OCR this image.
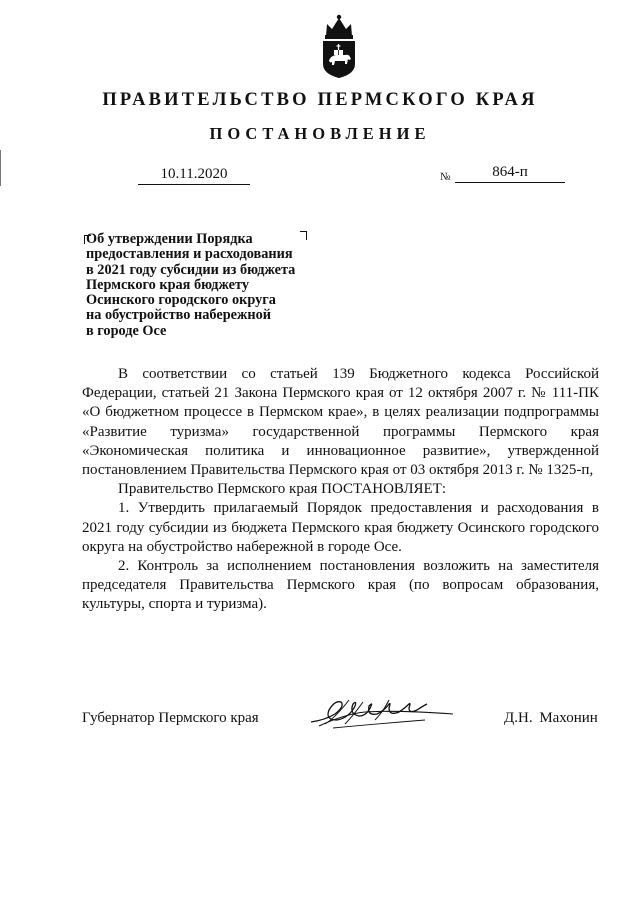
ПРАВИТЕЛЬСТВО ПЕРМСКОГО КРАЯ
ПОСТАНОВЛЕНИЕ
10.11.2020	№	864-п
Об утверждении Порядка
предоставления и расходования
в 2021 году субсидии из бюджета
Пермского края бюджету
Осинского городского округа
на обустройство набережной
в городе Осе

В соответствии со статьей 139 Бюджетного кодекса Российской Федерации, статьей 21 Закона Пермского края от 12 октября 2007 г. № 111-ПК «О бюджетном процессе в Пермском крае», в целях реализации подпрограммы «Развитие туризма» государственной программы Пермского края «Экономическая политика и инновационное развитие», утвержденной постановлением Правительства Пермского края от 03 октября 2013 г. № 1325-п,

Правительство Пермского края ПОСТАНОВЛЯЕТ:

1. Утвердить прилагаемый Порядок предоставления и расходования в 2021 году субсидии из бюджета Пермского края бюджету Осинского городского округа на обустройство набережной в городе Осе.

2. Контроль за исполнением постановления возложить на заместителя председателя Правительства Пермского края (по вопросам образования, культуры, спорта и туризма).

Губернатор Пермского края	Д.Н. Махонин
